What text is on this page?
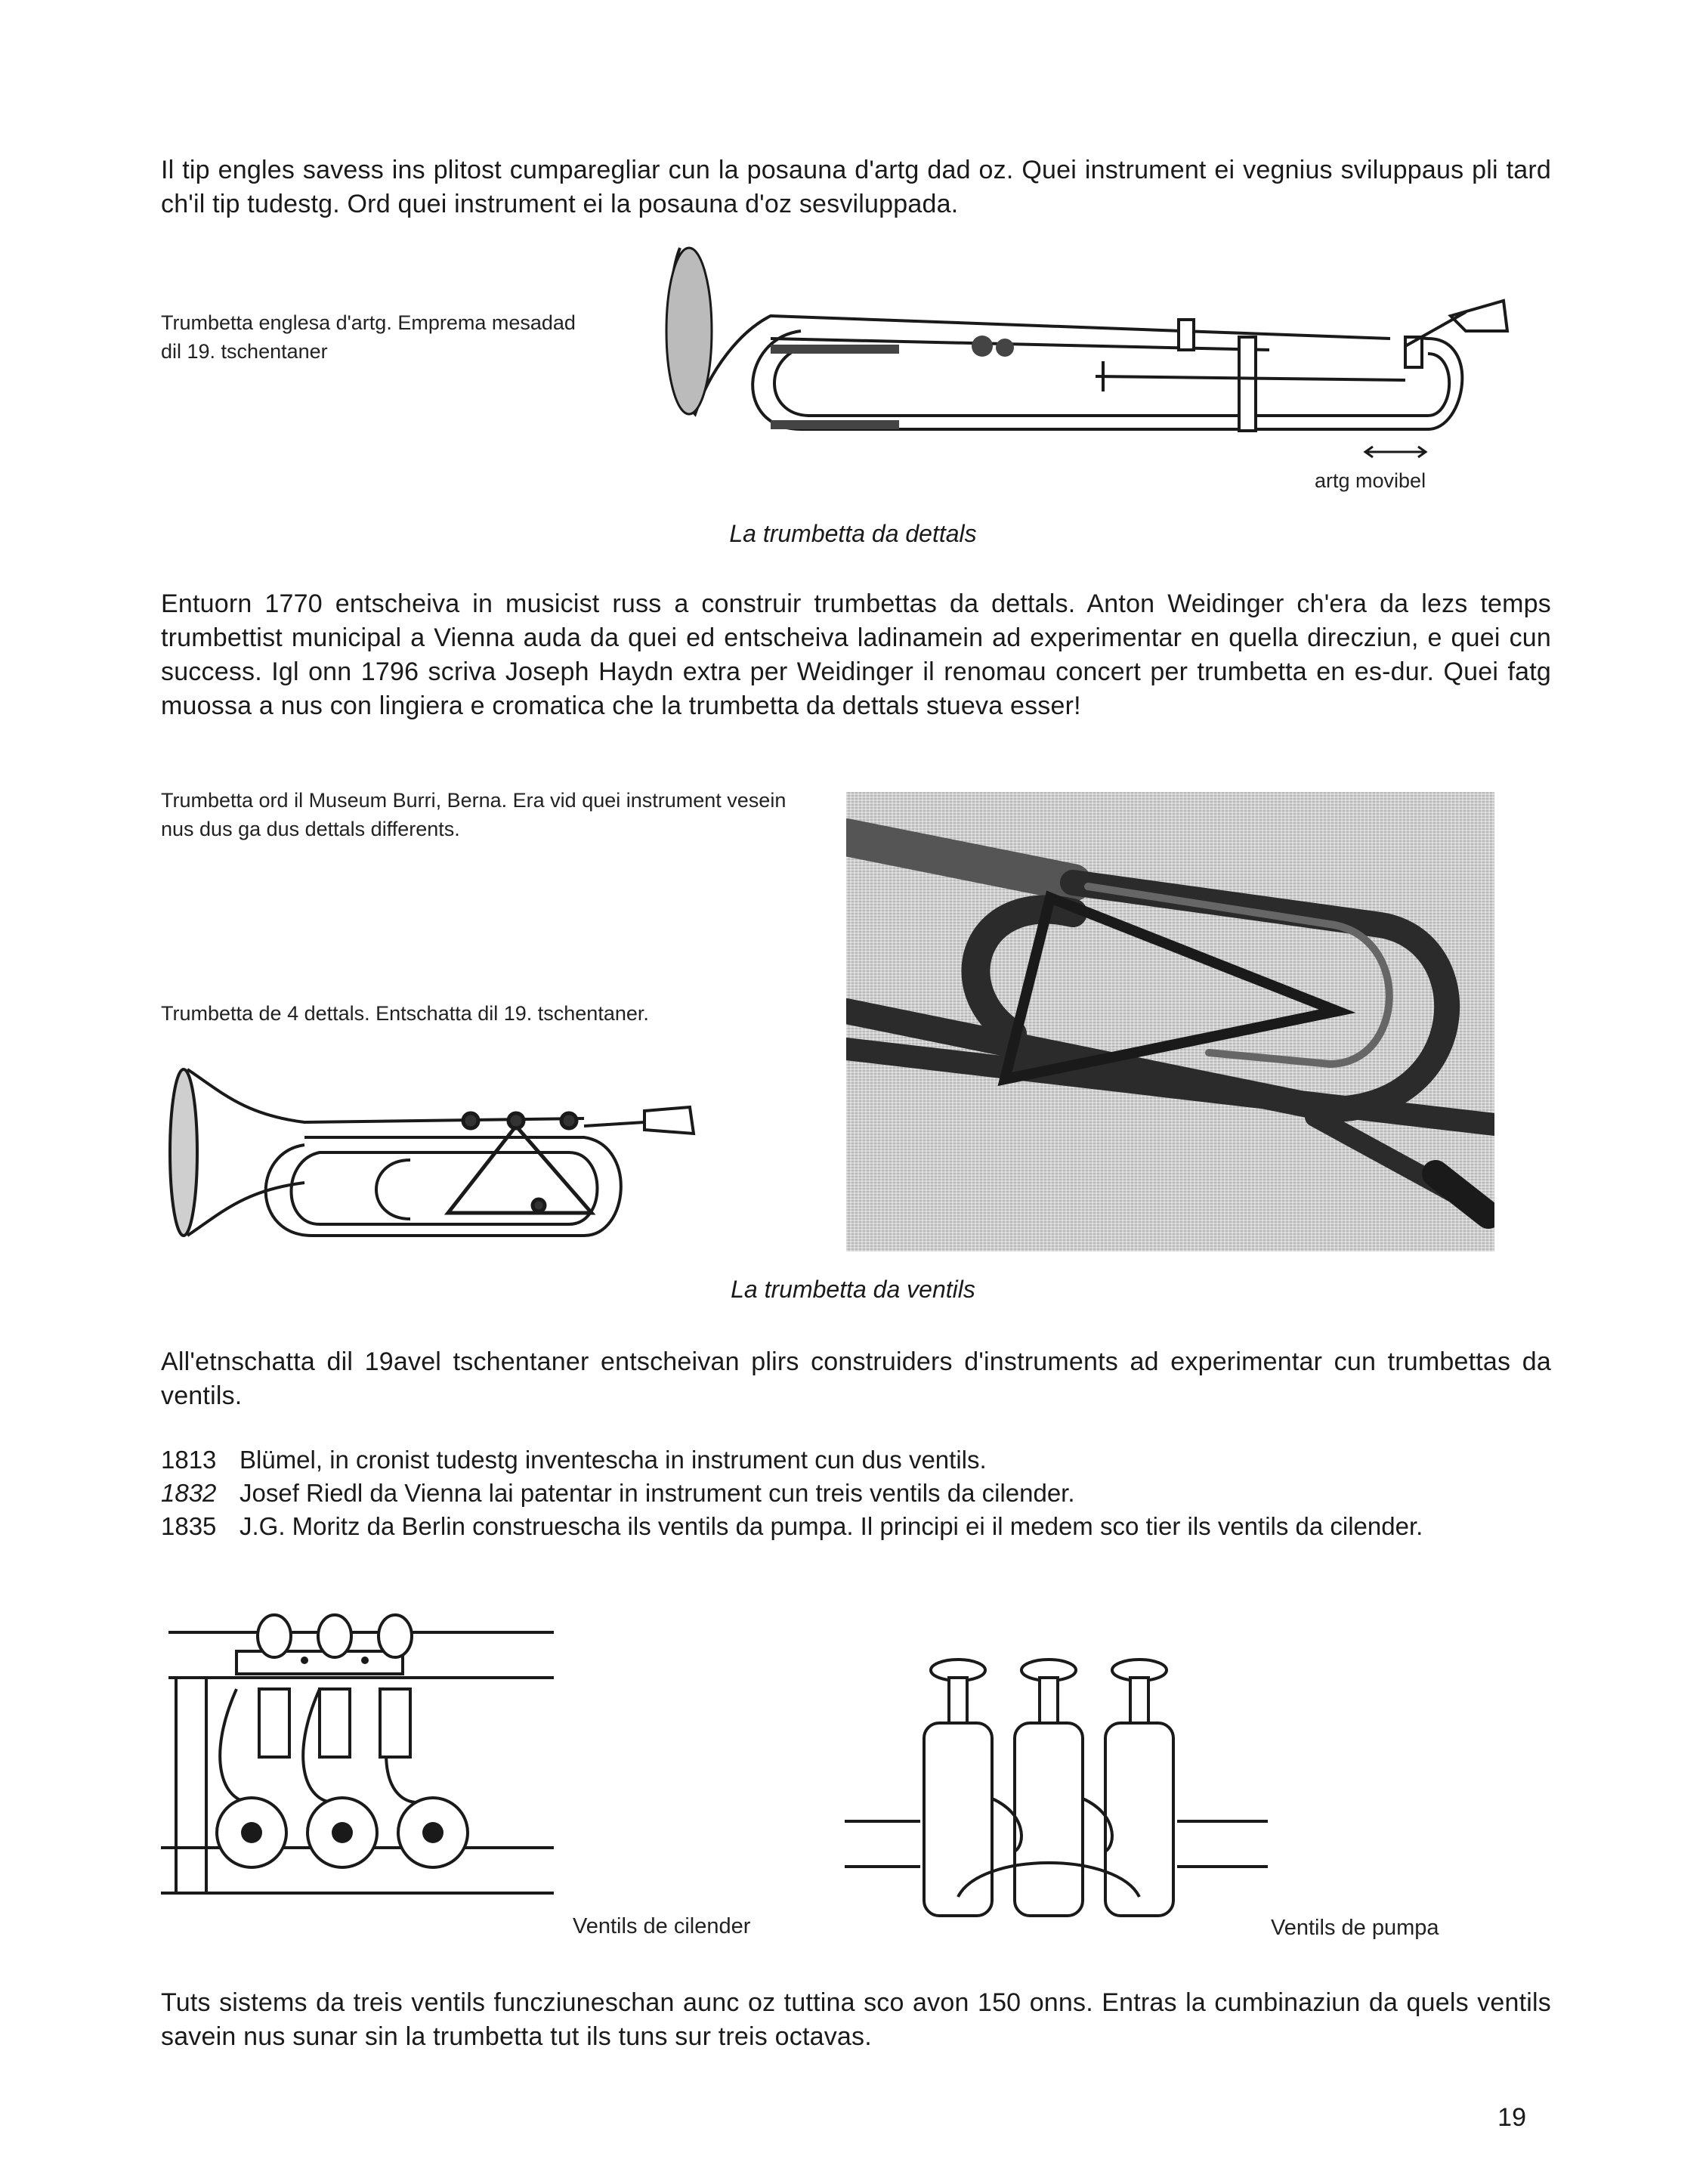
Il tip engles savess ins plitost cumparegliar cun la posauna d'artg dad oz. Quei instrument ei vegnius sviluppaus pli tard ch'il tip tudestg. Ord quei instrument ei la posauna d'oz sesviluppada.

Trumbetta englesa d'artg. Emprema mesadad dil 19. tschentaner

artg movibel
La trumbetta da dettals

Entuorn 1770 entscheiva in musicist russ a construir trumbettas da dettals. Anton Weidinger ch'era da lezs temps trumbettist municipal a Vienna auda da quei ed entscheiva ladinamein ad experimentar en quella direcziun, e quei cun success. Igl onn 1796 scriva Joseph Haydn extra per Weidinger il renomau concert per trumbetta en es-dur. Quei fatg muossa a nus con lingiera e cromatica che la trumbetta da dettals stueva esser!

Trumbetta ord il Museum Burri, Berna. Era vid quei instrument vesein nus dus ga dus dettals differents.

Trumbetta de 4 dettals. Entschatta dil 19. tschentaner.

La trumbetta da ventils

All'etnschatta dil 19avel tschentaner entscheivan plirs construiders d'instruments ad experimentar cun trumbettas da ventils.

1813 Blümel, in cronist tudestg inventescha in instrument cun dus ventils.
1832 Josef Riedl da Vienna lai patentar in instrument cun treis ventils da cilender.
1835 J.G. Moritz da Berlin construescha ils ventils da pumpa. Il principi ei il medem sco tier ils ventils da cilender.
Ventils de cilender	Ventils de pumpa

Tuts sistems da treis ventils funcziuneschan aunc oz tuttina sco avon 150 onns. Entras la cumbinaziun da quels ventils savein nus sunar sin la trumbetta tut ils tuns sur treis octavas.

19
